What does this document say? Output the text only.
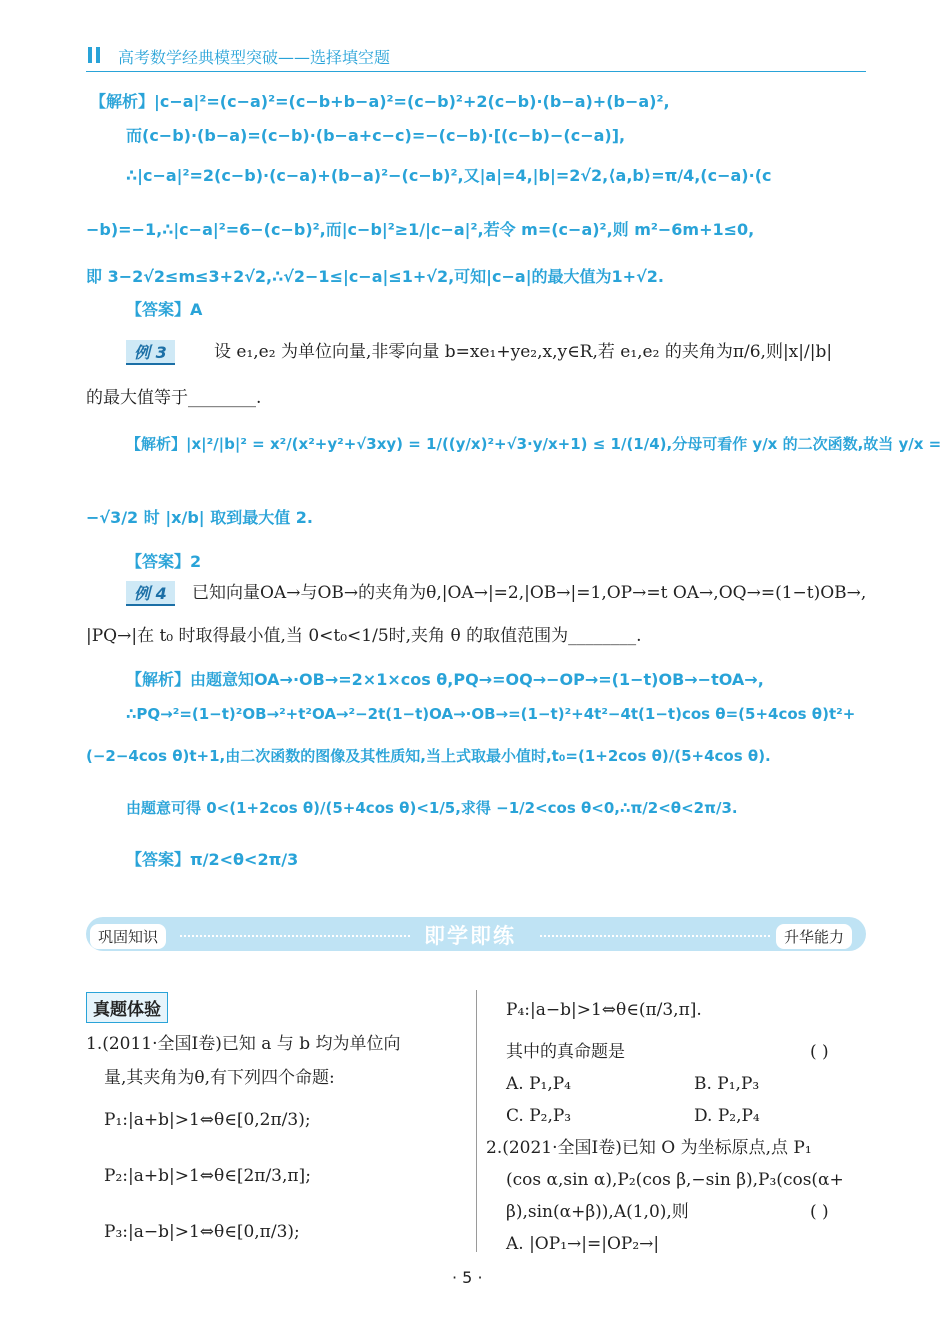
高考数学经典模型突破——选择填空题
【解析】|c−a|²=(c−a)²=(c−b+b−a)²=(c−b)²+2(c−b)·(b−a)+(b−a)²,
而(c−b)·(b−a)=(c−b)·(b−a+c−c)=−(c−b)·[(c−b)−(c−a)],
∴|c−a|²=2(c−b)·(c−a)+(b−a)²−(c−b)²,又|a|=4,|b|=2√2,⟨a,b⟩=π/4,(c−a)·(c
−b)=−1,∴|c−a|²=6−(c−b)²,而|c−b|²≥1/|c−a|²,若令 m=(c−a)²,则 m²−6m+1≤0,
即 3−2√2≤m≤3+2√2,∴√2−1≤|c−a|≤1+√2,可知|c−a|的最大值为1+√2.
【答案】A
例 3	设 e₁,e₂ 为单位向量,非零向量 b=xe₁+ye₂,x,y∈R,若 e₁,e₂ 的夹角为π/6,则|x|/|b|
的最大值等于________.
【解析】|x|²/|b|² = x²/(x²+y²+√3xy) = 1/((y/x)²+√3·y/x+1) ≤ 1/(1/4),分母可看作 y/x 的二次函数,故当 y/x =
−√3/2 时 |x/b| 取到最大值 2.
【答案】2
例 4	已知向量OA→与OB→的夹角为θ,|OA→|=2,|OB→|=1,OP→=t OA→,OQ→=(1−t)OB→,
|PQ→|在 t₀ 时取得最小值,当 0<t₀<1/5时,夹角 θ 的取值范围为________.
【解析】由题意知OA→·OB→=2×1×cos θ,PQ→=OQ→−OP→=(1−t)OB→−tOA→,
∴PQ→²=(1−t)²OB→²+t²OA→²−2t(1−t)OA→·OB→=(1−t)²+4t²−4t(1−t)cos θ=(5+4cos θ)t²+
(−2−4cos θ)t+1,由二次函数的图像及其性质知,当上式取最小值时,t₀=(1+2cos θ)/(5+4cos θ).
由题意可得 0<(1+2cos θ)/(5+4cos θ)<1/5,求得 −1/2<cos θ<0,∴π/2<θ<2π/3.
【答案】π/2<θ<2π/3
巩固知识	即学即练	升华能力
真题体验
1.(2011·全国Ⅰ卷)已知 a 与 b 均为单位向
量,其夹角为θ,有下列四个命题:
P₁:|a+b|>1⇔θ∈[0,2π/3);
P₂:|a+b|>1⇔θ∈[2π/3,π];
P₃:|a−b|>1⇔θ∈[0,π/3);
P₄:|a−b|>1⇔θ∈(π/3,π].
其中的真命题是	( )
A. P₁,P₄	B. P₁,P₃
C. P₂,P₃	D. P₂,P₄
2.(2021·全国Ⅰ卷)已知 O 为坐标原点,点 P₁
(cos α,sin α),P₂(cos β,−sin β),P₃(cos(α+
β),sin(α+β)),A(1,0),则	( )
A. |OP₁→|=|OP₂→|
· 5 ·
